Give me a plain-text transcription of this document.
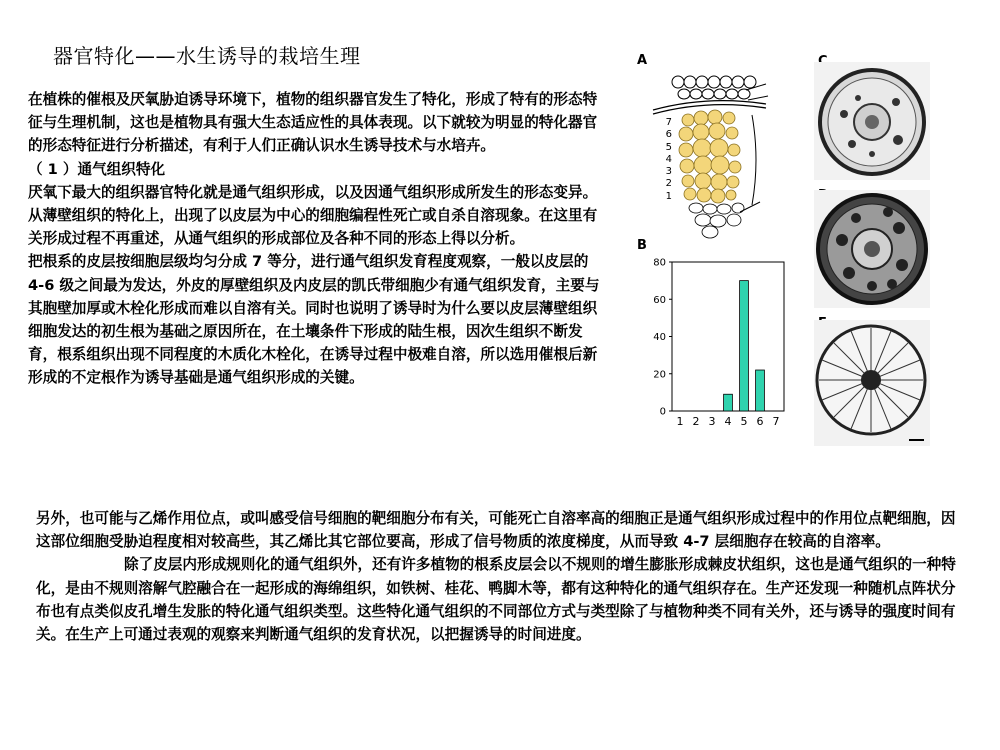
器官特化——水生诱导的栽培生理

在植株的催根及厌氧胁迫诱导环境下，植物的组织器官发生了特化，形成了特有的形态特征与生理机制，这也是植物具有强大生态适应性的具体表现。以下就较为明显的特化器官的形态特征进行分析描述，有利于人们正确认识水生诱导技术与水培卉。

（ 1 ）通气组织特化

厌氧下最大的组织器官特化就是通气组织形成，以及因通气组织形成所发生的形态变异。从薄壁组织的特化上，出现了以皮层为中心的细胞编程性死亡或自杀自溶现象。在这里有关形成过程不再重述，从通气组织的形成部位及各种不同的形态上得以分析。

把根系的皮层按细胞层级均匀分成 7 等分，进行通气组织发育程度观察，一般以皮层的 4-6 级之间最为发达，外皮的厚壁组织及内皮层的凯氏带细胞少有通气组织发育，主要与其胞壁加厚或木栓化形成而难以自溶有关。同时也说明了诱导时为什么要以皮层薄壁组织细胞发达的初生根为基础之原因所在，在土壤条件下形成的陆生根，因次生组织不断发育，根系组织出现不同程度的木质化木栓化，在诱导过程中极难自溶，所以选用催根后新形成的不定根作为诱导基础是通气组织形成的关键。

另外，也可能与乙烯作用位点，或叫感受信号细胞的靶细胞分布有关，可能死亡自溶率高的细胞正是通气组织形成过程中的作用位点靶细胞，因这部位细胞受胁迫程度相对较高些，其乙烯比其它部位要高，形成了信号物质的浓度梯度，从而导致 4-7 层细胞存在较高的自溶率。

除了皮层内形成规则化的通气组织外，还有许多植物的根系皮层会以不规则的增生膨胀形成棘皮状组织，这也是通气组织的一种特化，是由不规则溶解气腔融合在一起形成的海绵组织，如铁树、桂花、鸭脚木等，都有这种特化的通气组织存在。生产还发现一种随机点阵状分布也有点类似皮孔增生发胀的特化通气组织类型。这些特化通气组织的不同部位方式与类型除了与植物种类不同有关外，还与诱导的强度时间有关。在生产上可通过表观的观察来判断通气组织的发育状况，以把握诱导的时间进度。

A
B
7
6
5
4
3
2
1
0
20
40
60
80
1 2 3 4 5 6 7
